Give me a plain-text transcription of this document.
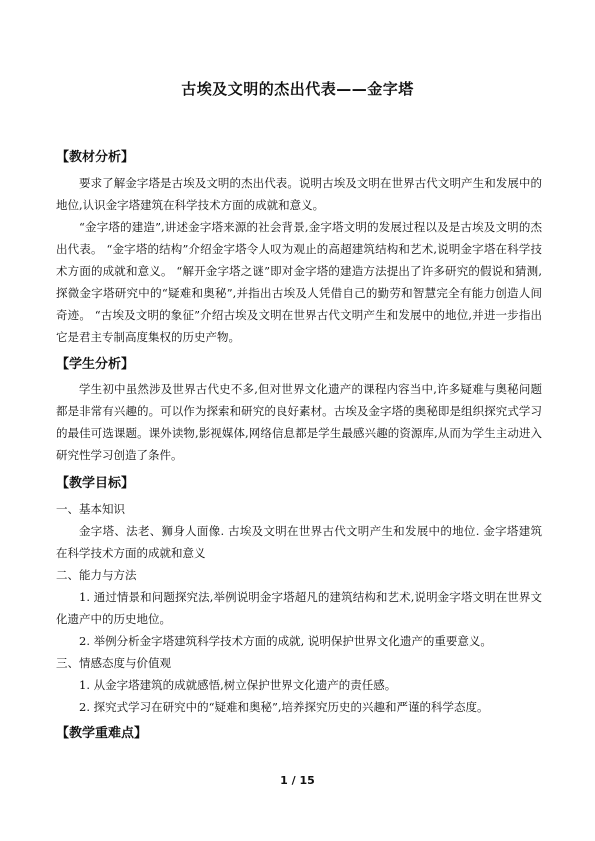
古埃及文明的杰出代表——金字塔
【教材分析】

要求了解金字塔是古埃及文明的杰出代表。说明古埃及文明在世界古代文明产生和发展中的地位,认识金字塔建筑在科学技术方面的成就和意义。

“金字塔的建造”,讲述金字塔来源的社会背景,金字塔文明的发展过程以及是古埃及文明的杰出代表。 “金字塔的结构”介绍金字塔令人叹为观止的高超建筑结构和艺术,说明金字塔在科学技术方面的成就和意义。 “解开金字塔之谜”即对金字塔的建造方法提出了许多研究的假说和猜测,探微金字塔研究中的“疑难和奥秘”,并指出古埃及人凭借自己的勤劳和智慧完全有能力创造人间奇迹。 “古埃及文明的象征”介绍古埃及文明在世界古代文明产生和发展中的地位,并进一步指出它是君主专制高度集权的历史产物。

【学生分析】

学生初中虽然涉及世界古代史不多,但对世界文化遗产的课程内容当中,许多疑难与奥秘问题都是非常有兴趣的。可以作为探索和研究的良好素材。古埃及金字塔的奥秘即是组织探究式学习的最佳可选课题。课外读物,影视媒体,网络信息都是学生最感兴趣的资源库,从而为学生主动进入研究性学习创造了条件。

【教学目标】

一、基本知识

金字塔、法老、狮身人面像. 古埃及文明在世界古代文明产生和发展中的地位. 金字塔建筑在科学技术方面的成就和意义

二、能力与方法

1. 通过情景和问题探究法,举例说明金字塔超凡的建筑结构和艺术,说明金字塔文明在世界文化遗产中的历史地位。

2. 举例分析金字塔建筑科学技术方面的成就, 说明保护世界文化遗产的重要意义。

三、情感态度与价值观

1. 从金字塔建筑的成就感悟,树立保护世界文化遗产的责任感。

2. 探究式学习在研究中的“疑难和奥秘”,培养探究历史的兴趣和严谨的科学态度。

【教学重难点】
1 / 15
